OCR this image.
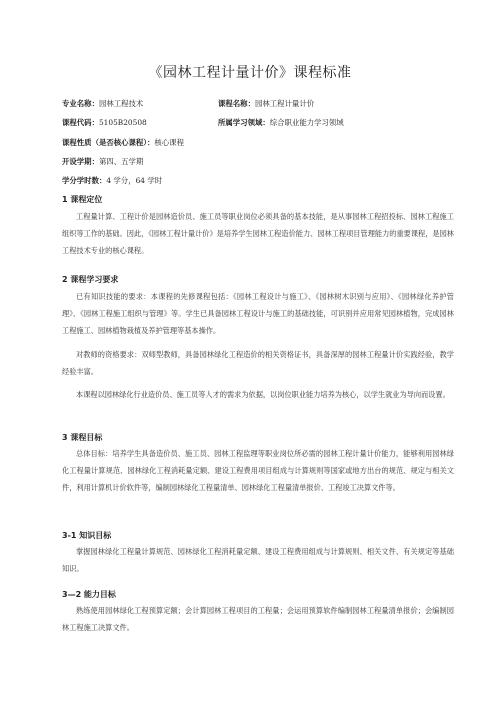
《园林工程计量计价》课程标准
专业名称：园林工程技术	课程名称：园林工程计量计价
课程代码：5105B20508	所属学习领域：综合职业能力学习领域
课程性质（是否核心课程）：核心课程
开设学期：第四、五学期
学分学时数：4 学分，64 学时
1 课程定位

工程量计算、工程计价是园林造价员、施工员等职业岗位必须具备的基本技能，是从事园林工程招投标、园林工程施工组织等工作的基础。因此，《园林工程计量计价》是培养学生园林工程造价能力、园林工程项目管理能力的重要课程，是园林工程技术专业的核心课程。

2 课程学习要求

已有知识技能的要求：本课程的先修课程包括：《园林工程设计与施工》、《园林树木识别与应用》、《园林绿化养护管理》、《园林工程施工组织与管理》等。学生已具备园林工程设计与施工的基础技能，可识别并应用常见园林植物，完成园林工程施工、园林植物栽植及养护管理等基本操作。

对教师的资格要求：双师型教师，具备园林绿化工程造价的相关资格证书，具备深厚的园林工程量计价实践经验，教学经验丰富。

本课程以园林绿化行业造价员、施工员等人才的需求为依据，以岗位职业能力培养为核心，以学生就业为导向而设置。

3 课程目标

总体目标：培养学生具备造价员、施工员、园林工程监理等职业岗位所必需的园林工程计量计价能力，能够利用园林绿化工程量计算规范、园林绿化工程消耗量定额、建设工程费用项目组成与计算规则等国家或地方出台的规范、规定与相关文件，利用计算机计价软件等，编制园林绿化工程量清单、园林绿化工程量清单报价、工程竣工决算文件等。

3-1 知识目标

掌握园林绿化工程量计算规范、园林绿化工程消耗量定额、建设工程费用组成与计算规则、相关文件、有关规定等基础知识。

3—2 能力目标

熟练使用园林绿化工程预算定额；会计算园林工程项目的工程量；会运用预算软件编制园林工程量清单报价；会编制园林工程施工决算文件。
